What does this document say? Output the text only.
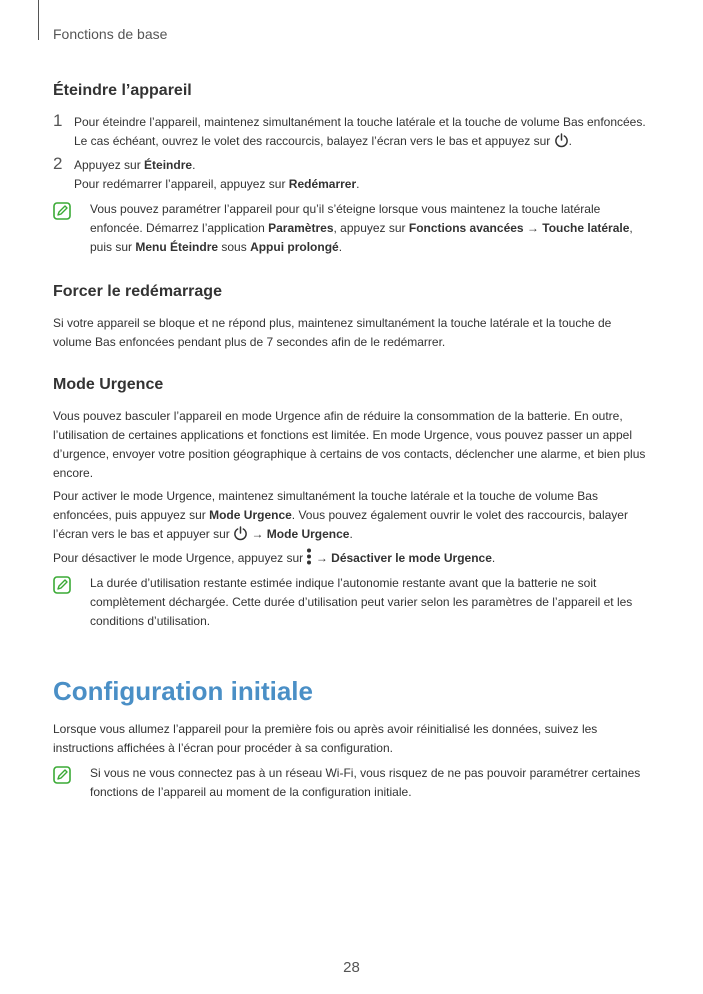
Fonctions de base
Éteindre l’appareil
1 Pour éteindre l’appareil, maintenez simultanément la touche latérale et la touche de volume Bas enfoncées. Le cas échéant, ouvrez le volet des raccourcis, balayez l’écran vers le bas et appuyez sur .
2 Appuyez sur Éteindre.
Pour redémarrer l’appareil, appuyez sur Redémarrer.
Vous pouvez paramétrer l’appareil pour qu’il s’éteigne lorsque vous maintenez la touche latérale enfoncée. Démarrez l’application Paramètres, appuyez sur Fonctions avancées → Touche latérale, puis sur Menu Éteindre sous Appui prolongé.
Forcer le redémarrage

Si votre appareil se bloque et ne répond plus, maintenez simultanément la touche latérale et la touche de volume Bas enfoncées pendant plus de 7 secondes afin de le redémarrer.

Mode Urgence

Vous pouvez basculer l’appareil en mode Urgence afin de réduire la consommation de la batterie. En outre, l’utilisation de certaines applications et fonctions est limitée. En mode Urgence, vous pouvez passer un appel d’urgence, envoyer votre position géographique à certains de vos contacts, déclencher une alarme, et bien plus encore.

Pour activer le mode Urgence, maintenez simultanément la touche latérale et la touche de volume Bas enfoncées, puis appuyez sur Mode Urgence. Vous pouvez également ouvrir le volet des raccourcis, balayer l’écran vers le bas et appuyer sur  → Mode Urgence.

Pour désactiver le mode Urgence, appuyez sur  → Désactiver le mode Urgence.

La durée d’utilisation restante estimée indique l’autonomie restante avant que la batterie ne soit complètement déchargée. Cette durée d’utilisation peut varier selon les paramètres de l’appareil et les conditions d’utilisation.
Configuration initiale

Lorsque vous allumez l’appareil pour la première fois ou après avoir réinitialisé les données, suivez les instructions affichées à l’écran pour procéder à sa configuration.

Si vous ne vous connectez pas à un réseau Wi-Fi, vous risquez de ne pas pouvoir paramétrer certaines fonctions de l’appareil au moment de la configuration initiale.
28
